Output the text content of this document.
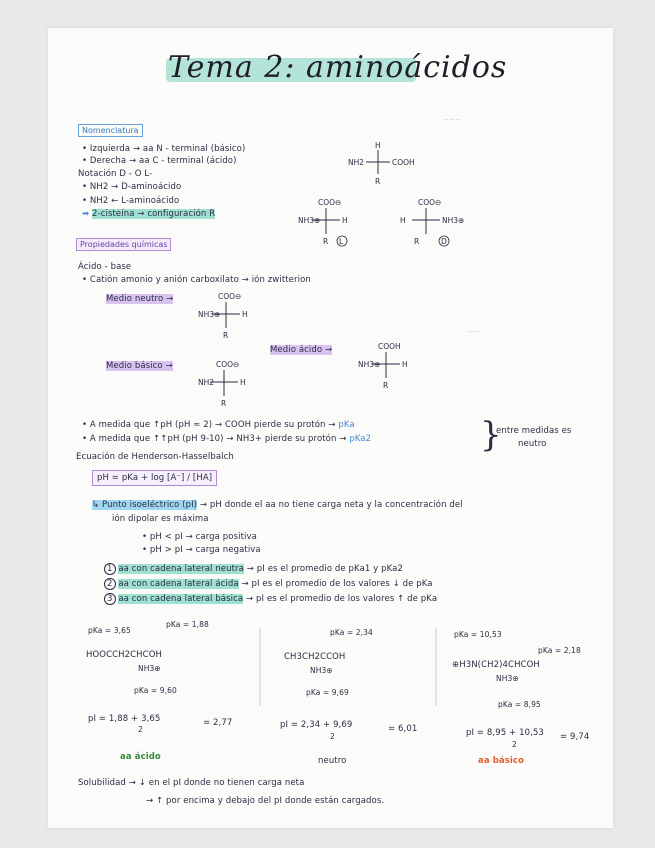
~~~
~~
Tema 2: aminoácidos
Nomenclatura
• Izquierda → aa N - terminal (básico)
• Derecha → aa C - terminal (ácido)
Notación D - O L-
• NH2 → D-aminoácido
• NH2 ← L-aminoácido
➡ 2-cisteína → configuración R
H
NH2	COOH
R
COO⊖
NH3⊕	H
R L
COO⊖
H	NH3⊕
R	D
Propiedades químicas
Ácido - base
• Catión amonio y anión carboxilato → ión zwitterion
Medio neutro →	COO⊖
NH3⊕	H
R
Medio ácido →	COOH
NH3⊕	H
R
Medio básico →	COO⊖
NH2	H
R
• A medida que ↑pH (pH ≈ 2) → COOH pierde su protón → pKa
• A medida que ↑↑pH (pH 9-10) → NH3+ pierde su protón → pKa2	}
entre medidas es
neutro
Ecuación de Henderson-Hasselbalch
pH = pKa + log [A⁻] / [HA]
↳ Punto isoeléctrico (pI) → pH donde el aa no tiene carga neta y la concentración del
ión dipolar es máxima
• pH < pI → carga positiva
• pH > pI → carga negativa
1 aa con cadena lateral neutra → pI es el promedio de pKa1 y pKa2
2 aa con cadena lateral ácida → pI es el promedio de los valores ↓ de pKa
3 aa con cadena lateral básica → pI es el promedio de los valores ↑ de pKa
pKa = 3,65
pKa = 1,88
HOOCCH2CHCOH
NH3⊕
pKa = 9,60
pI = 1,88 + 3,65
2
= 2,77
aa ácido
pKa = 2,34
CH3CH2CCOH
NH3⊕
pKa = 9,69
pI = 2,34 + 9,69
2
= 6,01
neutro
pKa = 10,53
pKa = 2,18
⊕H3N(CH2)4CHCOH
NH3⊕
pKa = 8,95
pI = 8,95 + 10,53
2
= 9,74
aa básico
Solubilidad → ↓ en el pI donde no tienen carga neta
→ ↑ por encima y debajo del pI donde están cargados.
